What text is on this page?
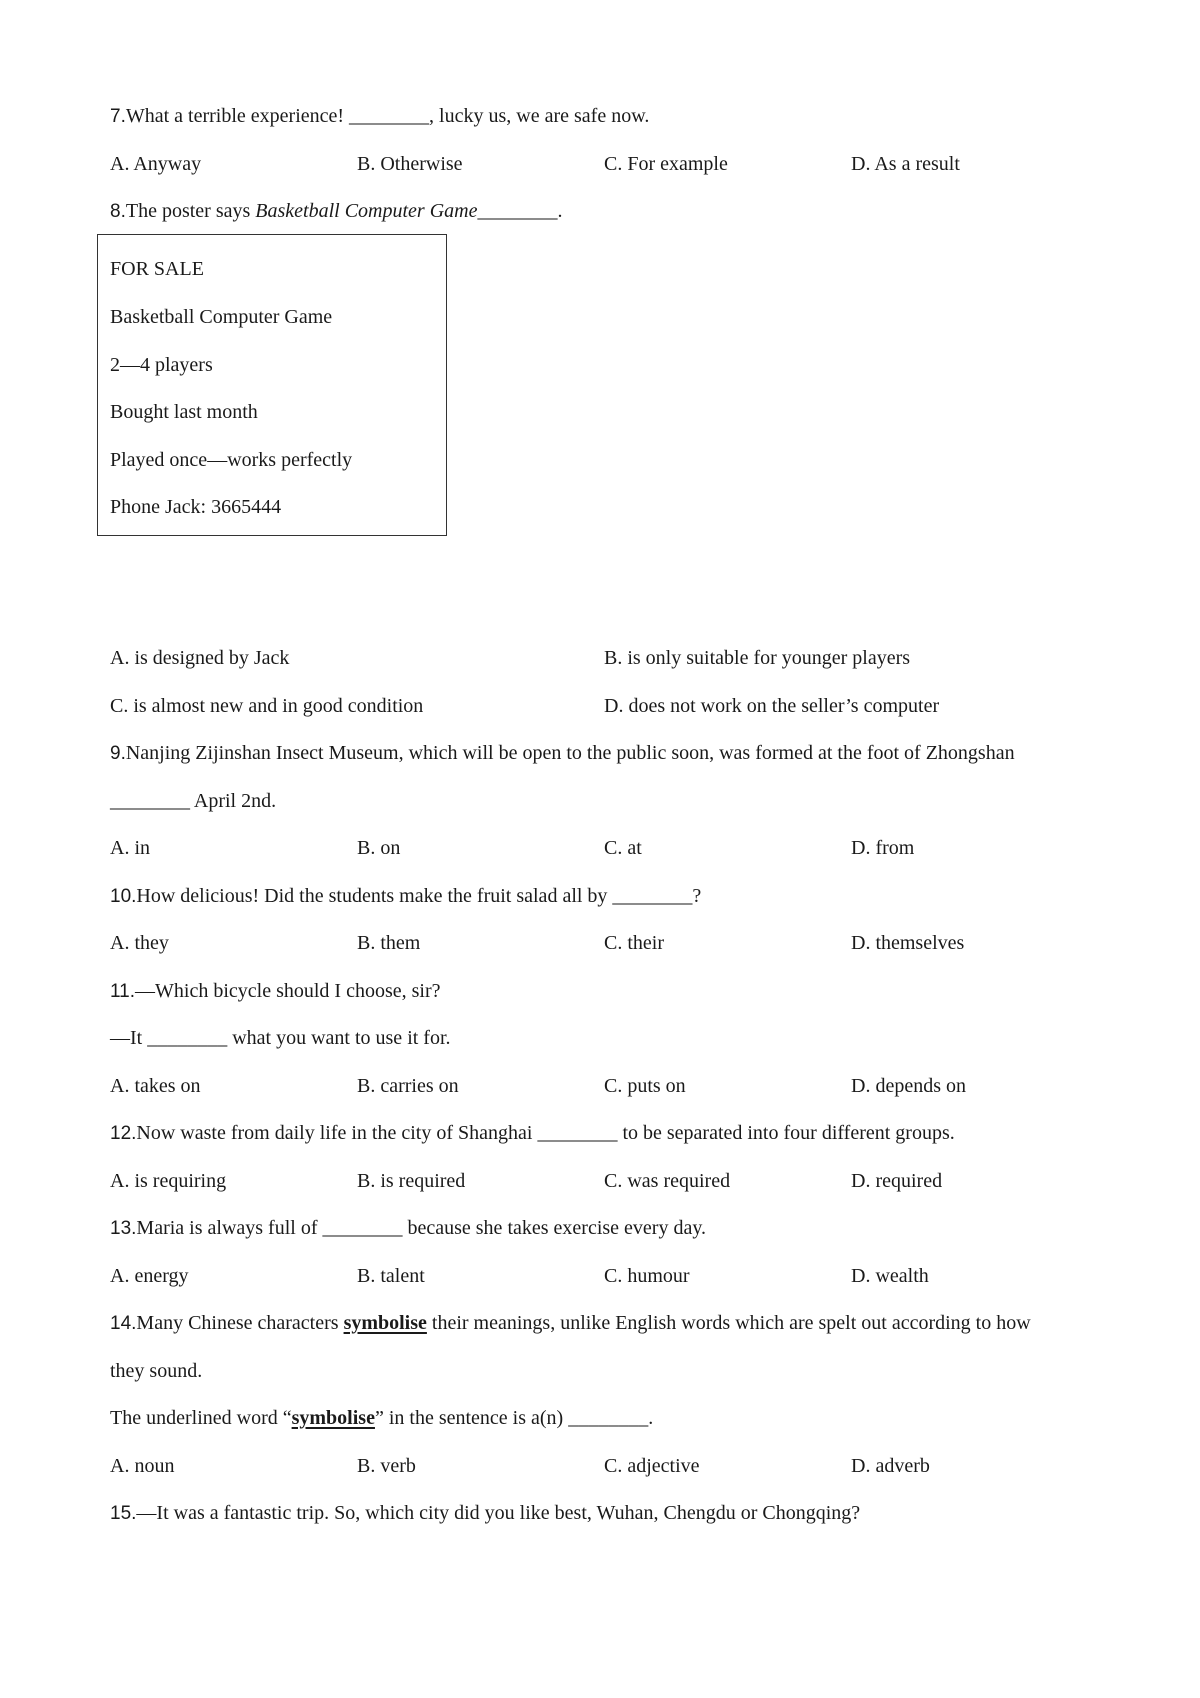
7.What a terrible experience! ________, lucky us, we are safe now.
A. Anyway	B. Otherwise	C. For example	D. As a result
8.The poster says Basketball Computer Game________.
FOR SALE
Basketball Computer Game
2—4 players
Bought last month
Played once—works perfectly
Phone Jack: 3665444
A. is designed by Jack	B. is only suitable for younger players
C. is almost new and in good condition	D. does not work on the seller’s computer
9.Nanjing Zijinshan Insect Museum, which will be open to the public soon, was formed at the foot of Zhongshan
________ April 2nd.
A. in	B. on	C. at	D. from
10.How delicious! Did the students make the fruit salad all by ________?
A. they	B. them	C. their	D. themselves
11.—Which bicycle should I choose, sir?
—It ________ what you want to use it for.
A. takes on	B. carries on	C. puts on	D. depends on
12.Now waste from daily life in the city of Shanghai ________ to be separated into four different groups.
A. is requiring	B. is required	C. was required	D. required
13.Maria is always full of ________ because she takes exercise every day.
A. energy	B. talent	C. humour	D. wealth
14.Many Chinese characters symbolise their meanings, unlike English words which are spelt out according to how
they sound.
The underlined word “symbolise” in the sentence is a(n) ________.
A. noun	B. verb	C. adjective	D. adverb
15.—It was a fantastic trip. So, which city did you like best, Wuhan, Chengdu or Chongqing?
